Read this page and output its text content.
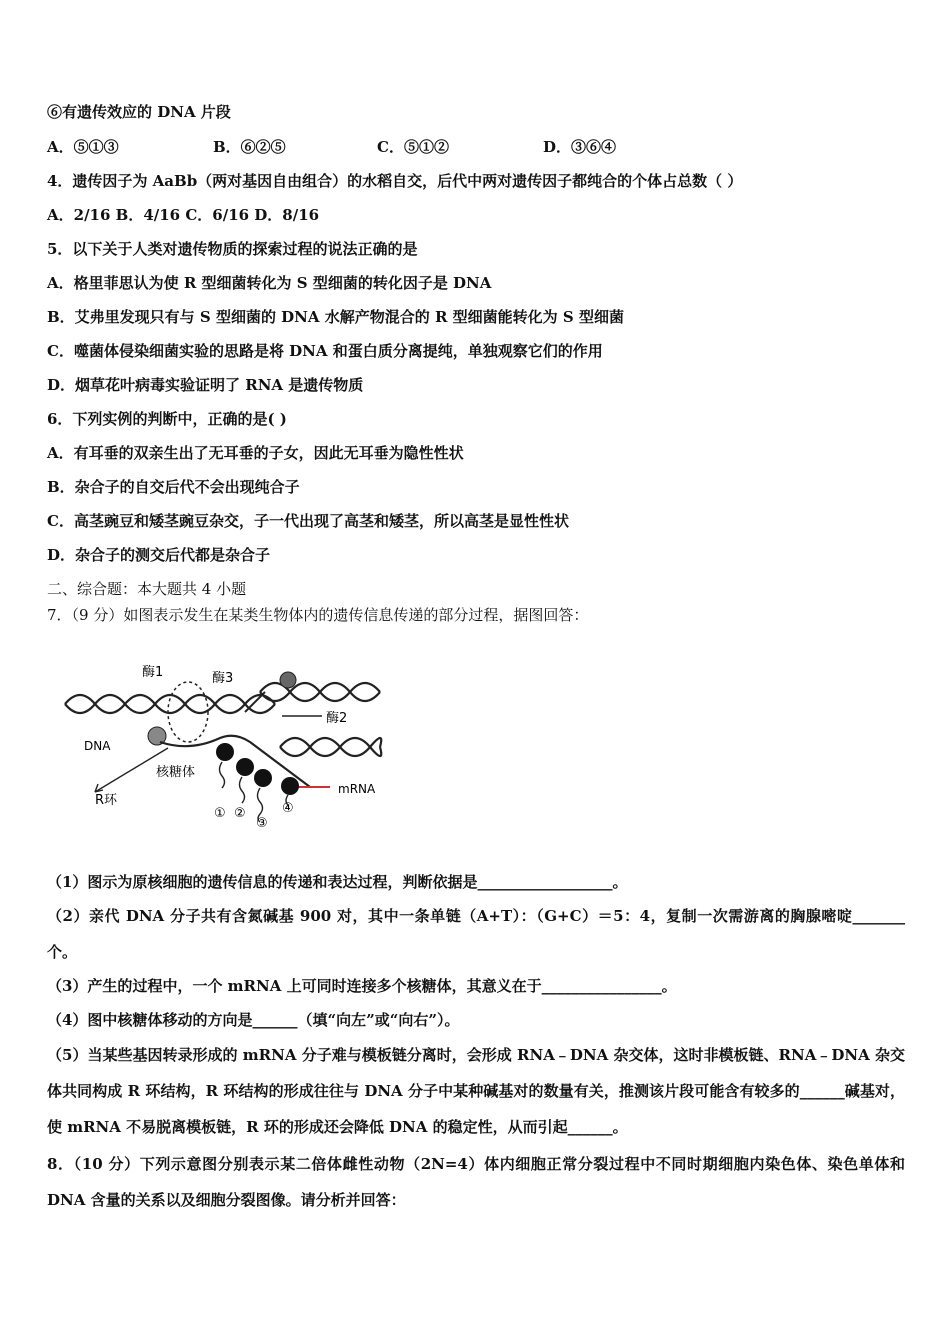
⑥有遗传效应的 DNA 片段
A．⑤①③	B．⑥②⑤	C．⑤①②	D．③⑥④
4．遗传因子为 AaBb（两对基因自由组合）的水稻自交，后代中两对遗传因子都纯合的个体占总数（ ）
A．2/16 B．4/16 C．6/16 D．8/16
5．以下关于人类对遗传物质的探索过程的说法正确的是
A．格里菲思认为使 R 型细菌转化为 S 型细菌的转化因子是 DNA
B．艾弗里发现只有与 S 型细菌的 DNA 水解产物混合的 R 型细菌能转化为 S 型细菌
C．噬菌体侵染细菌实验的思路是将 DNA 和蛋白质分离提纯，单独观察它们的作用
D．烟草花叶病毒实验证明了 RNA 是遗传物质
6．下列实例的判断中，正确的是( )
A．有耳垂的双亲生出了无耳垂的子女，因此无耳垂为隐性性状
B．杂合子的自交后代不会出现纯合子
C．高茎豌豆和矮茎豌豆杂交，子一代出现了高茎和矮茎，所以高茎是显性性状
D．杂合子的测交后代都是杂合子
二、综合题：本大题共 4 小题
7．（9 分）如图表示发生在某类生物体内的遗传信息传递的部分过程，据图回答：
酶1	酶3
酶2
DNA
核糖体
R环
mRNA
① ②
③
④
（1）图示为原核细胞的遗传信息的传递和表达过程，判断依据是__________________。
（2）亲代 DNA 分子共有含氮碱基 900 对，其中一条单链（A+T）：（G+C）＝5：4，复制一次需游离的胸腺嘧啶_______个。
（3）产生的过程中，一个 mRNA 上可同时连接多个核糖体，其意义在于________________。
（4）图中核糖体移动的方向是______（填“向左”或“向右”）。
（5）当某些基因转录形成的 mRNA 分子难与模板链分离时，会形成 RNA﹣DNA 杂交体，这时非模板链、RNA﹣DNA 杂交体共同构成 R 环结构，R 环结构的形成往往与 DNA 分子中某种碱基对的数量有关，推测该片段可能含有较多的______碱基对，使 mRNA 不易脱离模板链，R 环的形成还会降低 DNA 的稳定性，从而引起______。
8．（10 分）下列示意图分别表示某二倍体雌性动物（2N=4）体内细胞正常分裂过程中不同时期细胞内染色体、染色单体和 DNA 含量的关系以及细胞分裂图像。请分析并回答：
